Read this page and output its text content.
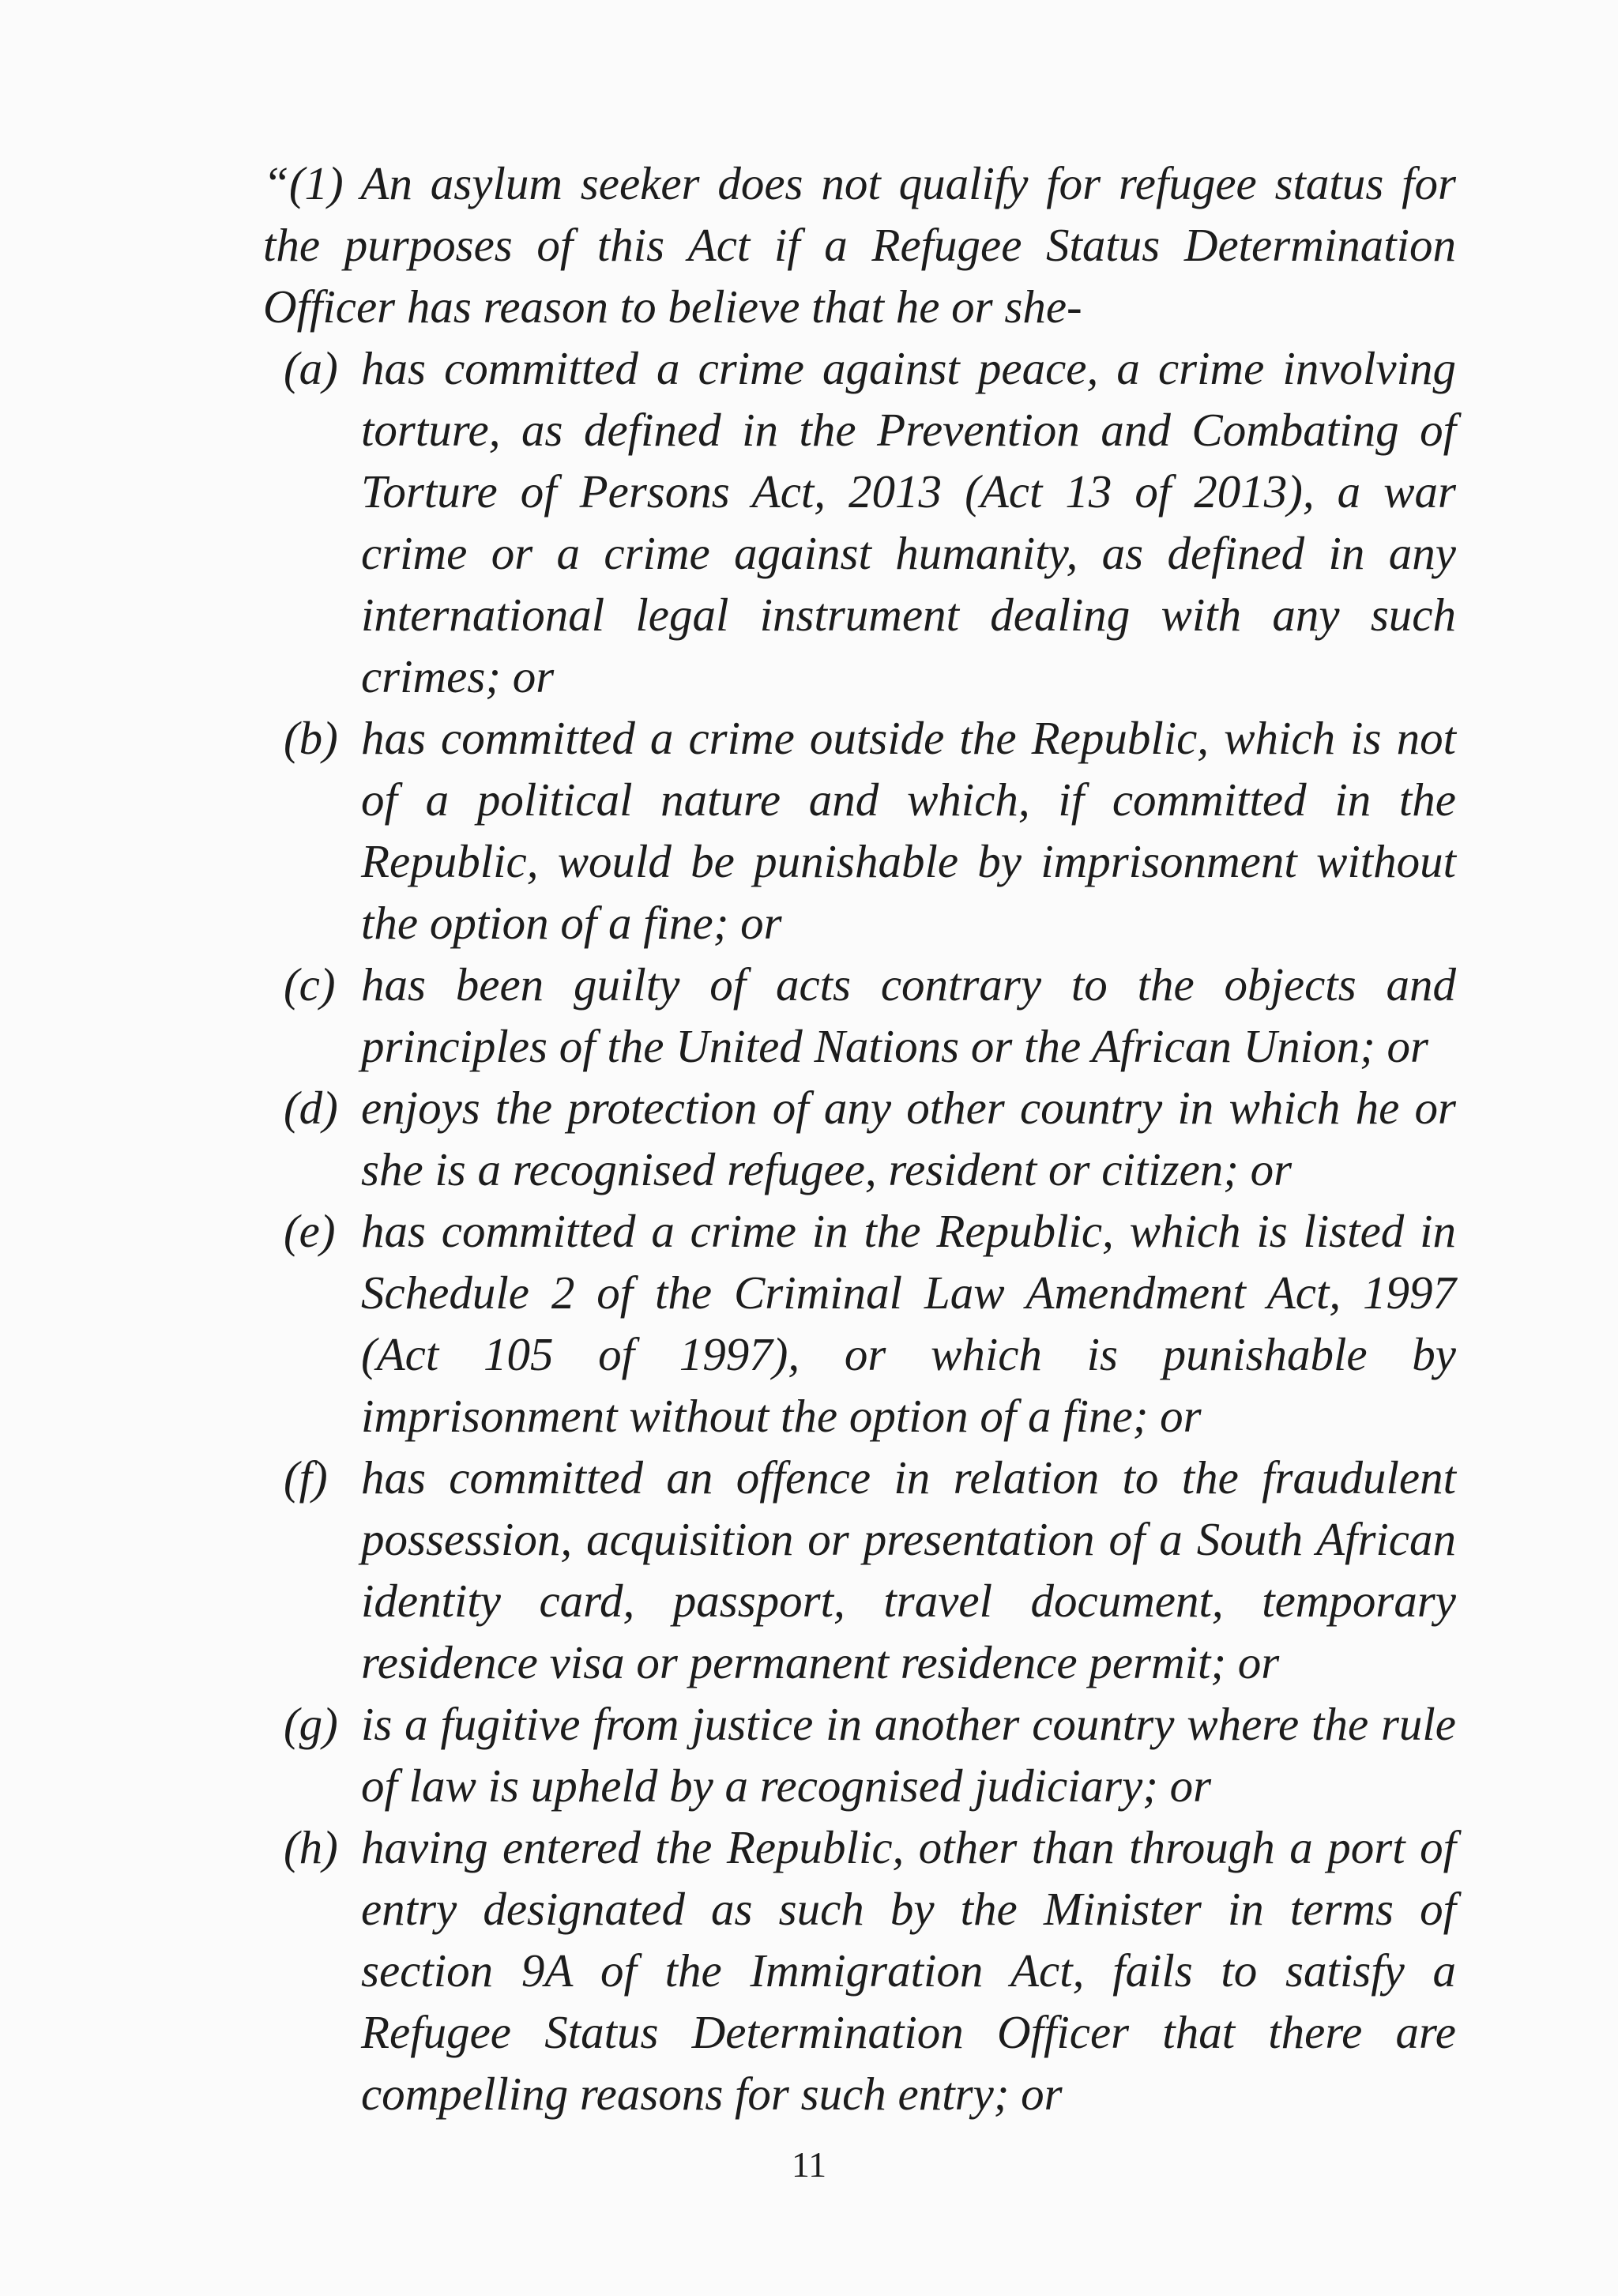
“(1) An asylum seeker does not qualify for refugee status for the purposes of this Act if a Refugee Status Determination Officer has reason to believe that he or she-

(a) has committed a crime against peace, a crime involving torture, as defined in the Prevention and Combating of Torture of Persons Act, 2013 (Act 13 of 2013), a war crime or a crime against humanity, as defined in any international legal instrument dealing with any such crimes; or
(b) has committed a crime outside the Republic, which is not of a political nature and which, if committed in the Republic, would be punishable by imprisonment without the option of a fine; or
(c) has been guilty of acts contrary to the objects and principles of the United Nations or the African Union; or
(d) enjoys the protection of any other country in which he or she is a recognised refugee, resident or citizen; or
(e) has committed a crime in the Republic, which is listed in Schedule 2 of the Criminal Law Amendment Act, 1997 (Act 105 of 1997), or which is punishable by imprisonment without the option of a fine; or
(f) has committed an offence in relation to the fraudulent possession, acquisition or presentation of a South African identity card, passport, travel document, temporary residence visa or permanent residence permit; or
(g) is a fugitive from justice in another country where the rule of law is upheld by a recognised judiciary; or
(h) having entered the Republic, other than through a port of entry designated as such by the Minister in terms of section 9A of the Immigration Act, fails to satisfy a Refugee Status Determination Officer that there are compelling reasons for such entry; or
11
